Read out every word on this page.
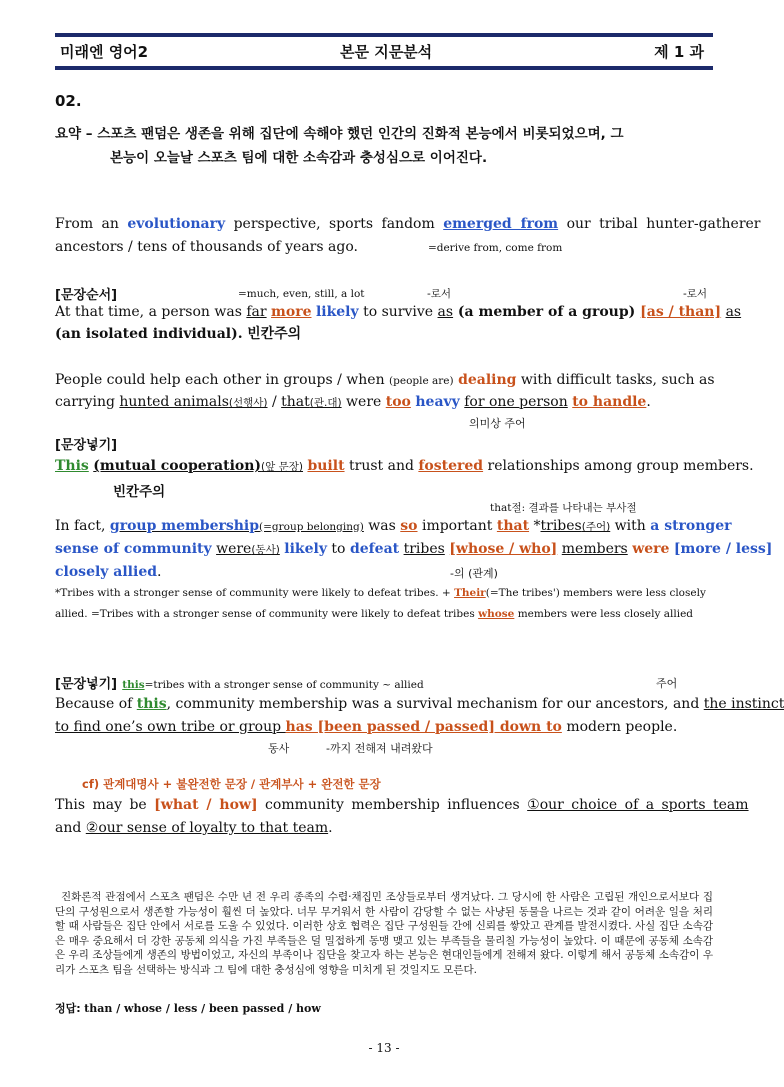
미래엔 영어2	본문 지문분석	제 1 과
02.
요약 – 스포츠 팬덤은 생존을 위해 집단에 속해야 했던 인간의 진화적 본능에서 비롯되었으며, 그
본능이 오늘날 스포츠 팀에 대한 소속감과 충성심으로 이어진다.
From an evolutionary perspective, sports fandom emerged from our tribal hunter-gatherer
ancestors / tens of thousands of years ago.	=derive from, come from
[문장순서]	=much, even, still, a lot	-로서	-로서
At that time, a person was far more likely to survive as (a member of a group) [as / than] as
(an isolated individual). 빈칸주의
People could help each other in groups / when (people are) dealing with difficult tasks, such as
carrying hunted animals(선행사) / that(관.대) were too heavy for one person to handle.
의미상 주어
[문장넣기]
This (mutual cooperation)(앞 문장) built trust and fostered relationships among group members.
빈칸주의
that절: 결과를 나타내는 부사절
In fact, group membership(=group belonging) was so important that *tribes(주어) with a stronger
sense of community were(동사) likely to defeat tribes [whose / who] members were [more / less]
closely allied.	-의 (관계)
*Tribes with a stronger sense of community were likely to defeat tribes. + Their(=The tribes') members were less closely
allied. =Tribes with a stronger sense of community were likely to defeat tribes whose members were less closely allied
[문장넣기] this=tribes with a stronger sense of community ~ allied	주어
Because of this, community membership was a survival mechanism for our ancestors, and the instinct
to find one’s own tribe or group has [been passed / passed] down to modern people.
동사	-까지 전해져 내려왔다
cf) 관계대명사 + 불완전한 문장 / 관계부사 + 완전한 문장
This may be [what / how] community membership influences ①our choice of a sports team
and ②our sense of loyalty to that team.
진화론적 관점에서 스포츠 팬덤은 수만 년 전 우리 종족의 수렵·채집민 조상들로부터 생겨났다. 그 당시에 한 사람은 고립된 개인으로서보다 집단의 구성원으로서 생존할 가능성이 훨씬 더 높았다. 너무 무거워서 한 사람이 감당할 수 없는 사냥된 동물을 나르는 것과 같이 어려운 일을 처리할 때 사람들은 집단 안에서 서로를 도울 수 있었다. 이러한 상호 협력은 집단 구성원들 간에 신뢰를 쌓았고 관계를 발전시켰다. 사실 집단 소속감은 매우 중요해서 더 강한 공동체 의식을 가진 부족들은 덜 밀접하게 동맹 맺고 있는 부족들을 물리칠 가능성이 높았다. 이 때문에 공동체 소속감은 우리 조상들에게 생존의 방법이었고, 자신의 부족이나 집단을 찾고자 하는 본능은 현대인들에게 전해져 왔다. 이렇게 해서 공동체 소속감이 우리가 스포츠 팀을 선택하는 방식과 그 팀에 대한 충성심에 영향을 미치게 된 것일지도 모른다.
정답: than / whose / less / been passed / how
- 13 -
